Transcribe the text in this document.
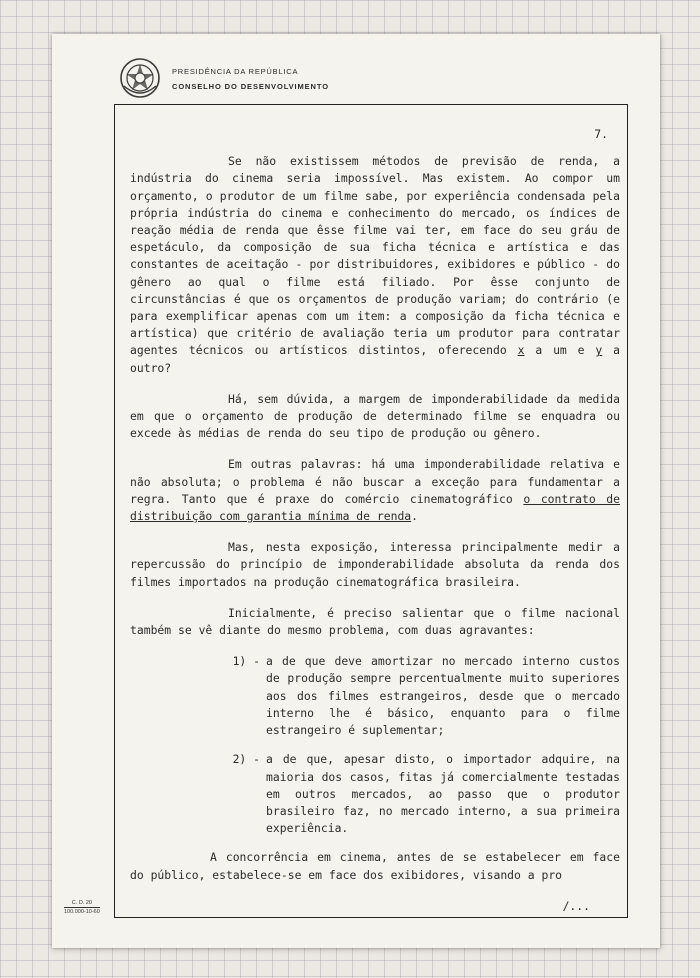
PRESIDÊNCIA DA REPÚBLICA
CONSELHO DO DESENVOLVIMENTO
7.

Se não existissem métodos de previsão de renda, a indústria do cinema seria impossível. Mas existem. Ao compor um orçamento, o produtor de um filme sabe, por experiência condensada pela própria indústria do cinema e conhecimento do mercado, os índices de reação média de renda que êsse filme vai ter, em face do seu gráu de espetáculo, da composição de sua ficha técnica e artística e das constantes de aceitação - por distribuidores, exibidores e público - do gênero ao qual o filme está filiado. Por êsse conjunto de circunstâncias é que os orçamentos de produção variam; do contrário (e para exemplificar apenas com um item: a composição da ficha técnica e artística) que critério de avaliação teria um produtor para contratar agentes técnicos ou artísticos distintos, oferecendo x a um e y a outro?

Há, sem dúvida, a margem de imponderabilidade da medida em que o orçamento de produção de determinado filme se enquadra ou excede às médias de renda do seu tipo de produção ou gênero.

Em outras palavras: há uma imponderabilidade relativa e não absoluta; o problema é não buscar a exceção para fundamentar a regra. Tanto que é praxe do comércio cinematográfico o contrato de distribuição com garantia mínima de renda.

Mas, nesta exposição, interessa principalmente medir a repercussão do princípio de imponderabilidade absoluta da renda dos filmes importados na produção cinematográfica brasileira.

Inicialmente, é preciso salientar que o filme nacional também se vê diante do mesmo problema, com duas agravantes:

1) - a de que deve amortizar no mercado interno custos de produção sempre percentualmente muito superiores aos dos filmes estrangeiros, desde que o mercado interno lhe é básico, enquanto para o filme estrangeiro é suplementar;
2) - a de que, apesar disto, o importador adquire, na maioria dos casos, fitas já comercialmente testadas em outros mercados, ao passo que o produtor brasileiro faz, no mercado interno, a sua primeira experiência.

A concorrência em cinema, antes de se estabelecer em face do público, estabelece-se em face dos exibidores, visando a pro

/...
C. D. 20
100.000-10-60
